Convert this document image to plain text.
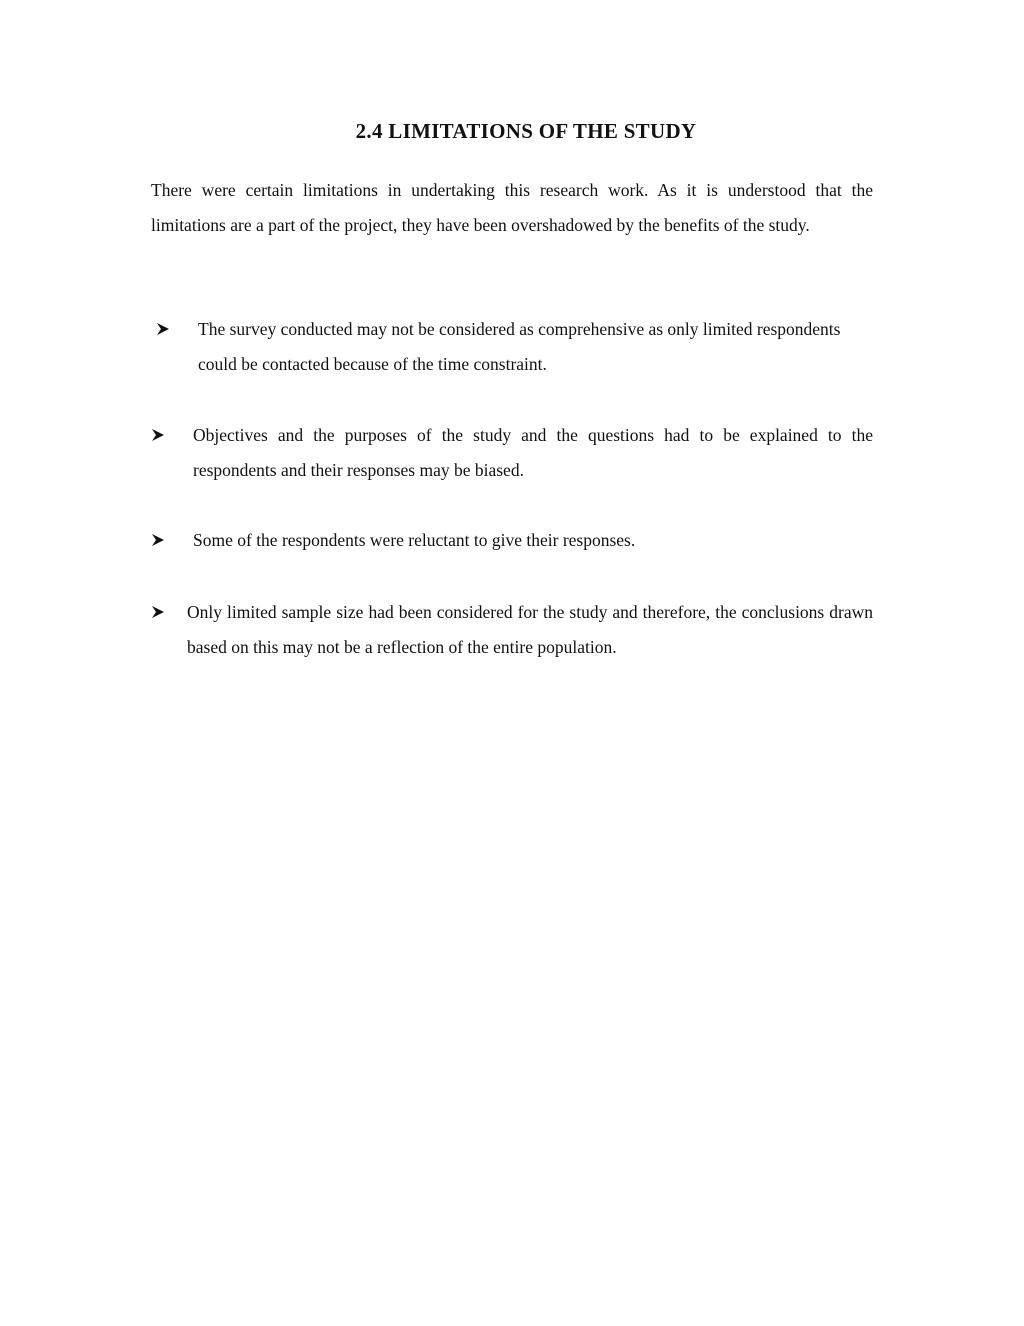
2.4 LIMITATIONS OF THE STUDY

There were certain limitations in undertaking this research work. As it is understood that the limitations are a part of the project, they have been overshadowed by the benefits of the study.

The survey conducted may not be considered as comprehensive as only limited respondents could be contacted because of the time constraint.
Objectives and the purposes of the study and the questions had to be explained to the respondents and their responses may be biased.
Some of the respondents were reluctant to give their responses.
Only limited sample size had been considered for the study and therefore, the conclusions drawn based on this may not be a reflection of the entire population.
